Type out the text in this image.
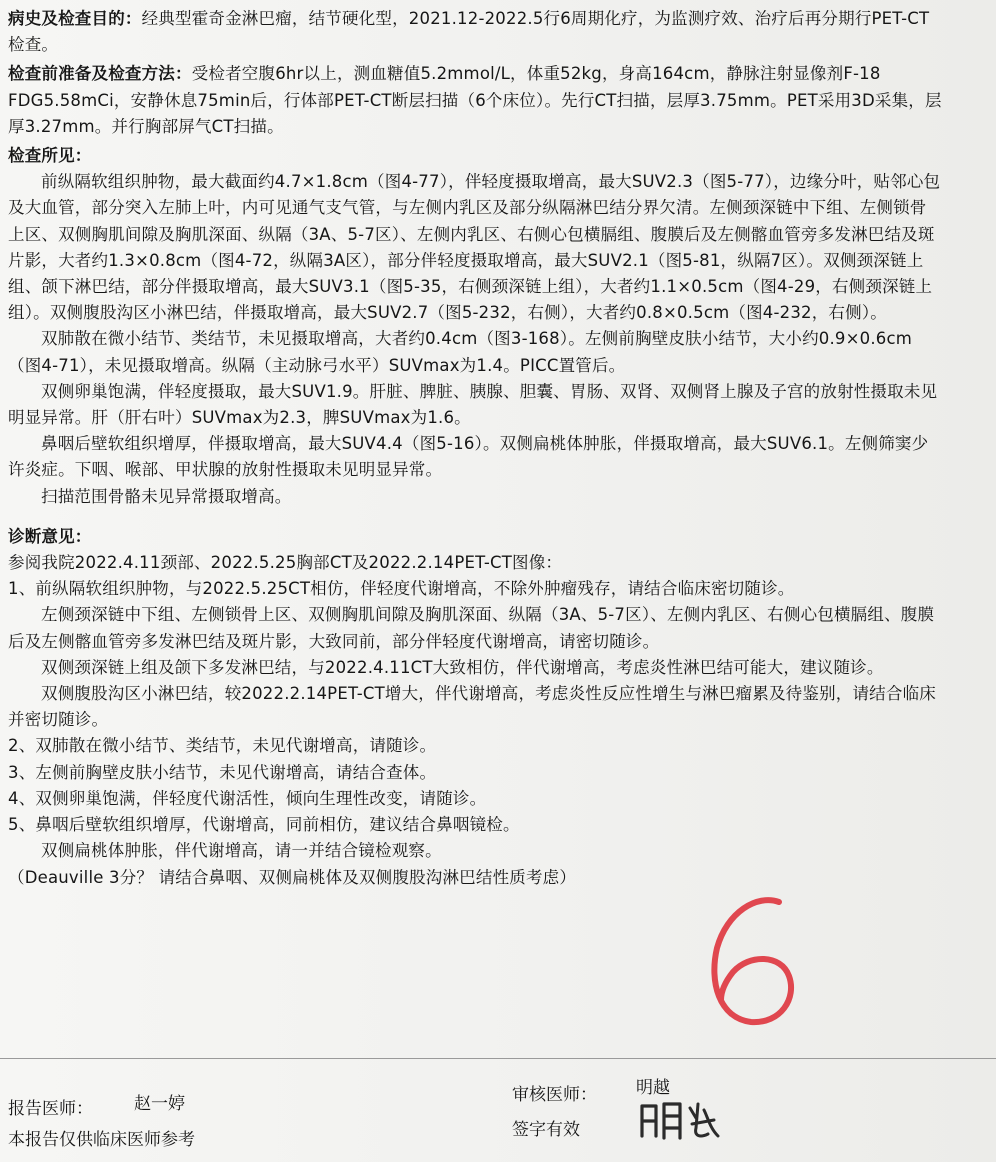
病史及检查目的：经典型霍奇金淋巴瘤，结节硬化型，2021.12-2022.5行6周期化疗，为监测疗效、治疗后再分期行PET-CT检查。

检查前准备及检查方法：受检者空腹6hr以上，测血糖值5.2mmol/L，体重52kg，身高164cm，静脉注射显像剂F-18 FDG5.58mCi，安静休息75min后，行体部PET-CT断层扫描（6个床位）。先行CT扫描，层厚3.75mm。PET采用3D采集，层厚3.27mm。并行胸部屏气CT扫描。

检查所见：

前纵隔软组织肿物，最大截面约4.7×1.8cm（图4-77），伴轻度摄取增高，最大SUV2.3（图5-77），边缘分叶，贴邻心包及大血管，部分突入左肺上叶，内可见通气支气管，与左侧内乳区及部分纵隔淋巴结分界欠清。左侧颈深链中下组、左侧锁骨上区、双侧胸肌间隙及胸肌深面、纵隔（3A、5-7区）、左侧内乳区、右侧心包横膈组、腹膜后及左侧髂血管旁多发淋巴结及斑片影，大者约1.3×0.8cm（图4-72，纵隔3A区），部分伴轻度摄取增高，最大SUV2.1（图5-81，纵隔7区）。双侧颈深链上组、颌下淋巴结，部分伴摄取增高，最大SUV3.1（图5-35，右侧颈深链上组），大者约1.1×0.5cm（图4-29，右侧颈深链上组）。双侧腹股沟区小淋巴结，伴摄取增高，最大SUV2.7（图5-232，右侧），大者约0.8×0.5cm（图4-232，右侧）。

双肺散在微小结节、类结节，未见摄取增高，大者约0.4cm（图3-168）。左侧前胸壁皮肤小结节，大小约0.9×0.6cm（图4-71），未见摄取增高。纵隔（主动脉弓水平）SUVmax为1.4。PICC置管后。

双侧卵巢饱满，伴轻度摄取，最大SUV1.9。肝脏、脾脏、胰腺、胆囊、胃肠、双肾、双侧肾上腺及子宫的放射性摄取未见明显异常。肝（肝右叶）SUVmax为2.3，脾SUVmax为1.6。

鼻咽后壁软组织增厚，伴摄取增高，最大SUV4.4（图5-16）。双侧扁桃体肿胀，伴摄取增高，最大SUV6.1。左侧筛窦少许炎症。下咽、喉部、甲状腺的放射性摄取未见明显异常。

扫描范围骨骼未见异常摄取增高。

诊断意见：

参阅我院2022.4.11颈部、2022.5.25胸部CT及2022.2.14PET-CT图像：

1、前纵隔软组织肿物，与2022.5.25CT相仿，伴轻度代谢增高，不除外肿瘤残存，请结合临床密切随诊。

左侧颈深链中下组、左侧锁骨上区、双侧胸肌间隙及胸肌深面、纵隔（3A、5-7区）、左侧内乳区、右侧心包横膈组、腹膜后及左侧髂血管旁多发淋巴结及斑片影，大致同前，部分伴轻度代谢增高，请密切随诊。

双侧颈深链上组及颌下多发淋巴结，与2022.4.11CT大致相仿，伴代谢增高，考虑炎性淋巴结可能大，建议随诊。

双侧腹股沟区小淋巴结，较2022.2.14PET-CT增大，伴代谢增高，考虑炎性反应性增生与淋巴瘤累及待鉴别，请结合临床并密切随诊。

2、双肺散在微小结节、类结节，未见代谢增高，请随诊。

3、左侧前胸壁皮肤小结节，未见代谢增高，请结合查体。

4、双侧卵巢饱满，伴轻度代谢活性，倾向生理性改变，请随诊。

5、鼻咽后壁软组织增厚，代谢增高，同前相仿，建议结合鼻咽镜检。

双侧扁桃体肿胀，伴代谢增高，请一并结合镜检观察。

（Deauville 3分？ 请结合鼻咽、双侧扁桃体及双侧腹股沟淋巴结性质考虑）

报告医师： 赵一婷	审核医师： 明越
签字有效
本报告仅供临床医师参考
